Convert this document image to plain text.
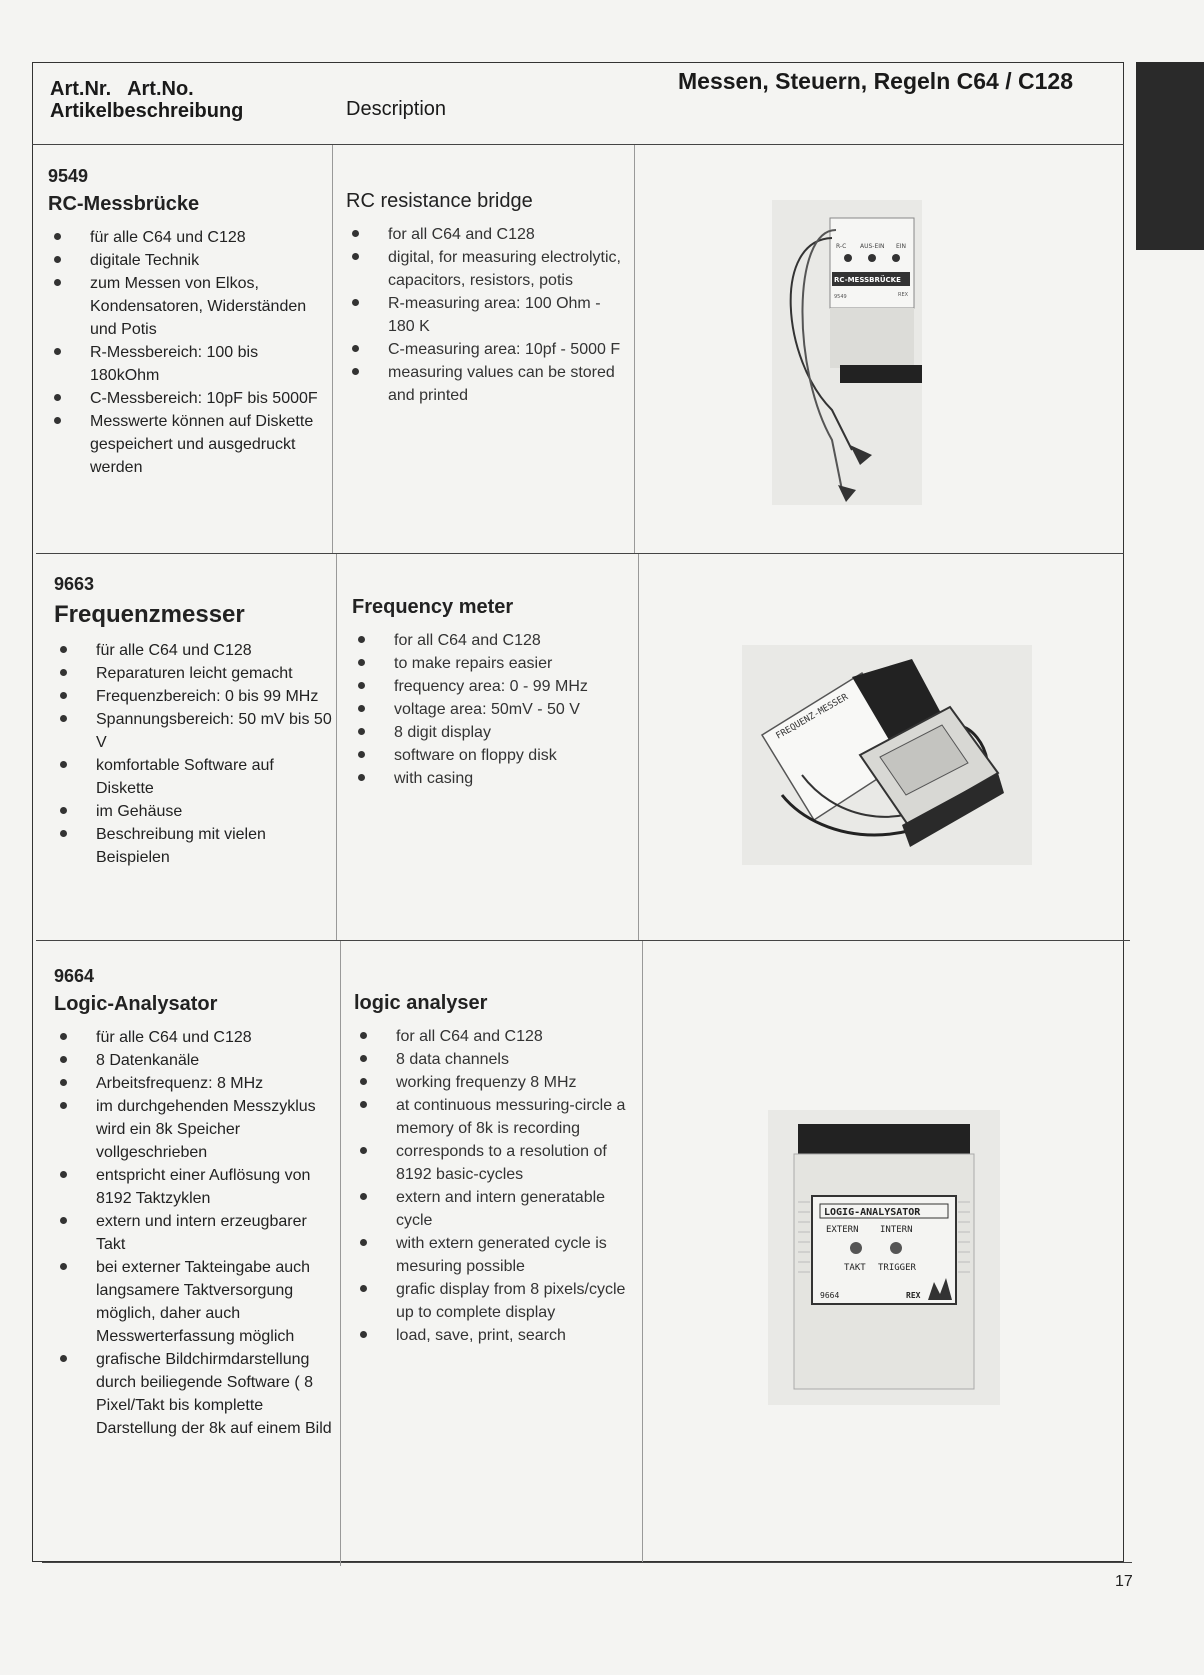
Art.Nr. Art.No.
Artikelbeschreibung	Description
Messen, Steuern, Regeln C64 / C128
9549
RC-Messbrücke
für alle C64 und C128
digitale Technik
zum Messen von Elkos, Kondensatoren, Widerständen und Potis
R-Messbereich: 100 bis 180kOhm
C-Messbereich: 10pF bis 5000F
Messwerte können auf Diskette gespeichert und ausgedruckt werden
RC resistance bridge
for all C64 and C128
digital, for measuring electrolytic, capacitors, resistors, potis
R-measuring area: 100 Ohm - 180 K
C-measuring area: 10pf - 5000 F
measuring values can be stored and printed
R-C AUS-EIN EIN
RC-MESSBRÜCKE
9549	REX
9663
Frequenzmesser
für alle C64 und C128
Reparaturen leicht gemacht
Frequenzbereich: 0 bis 99 MHz
Spannungsbereich: 50 mV bis 50 V
komfortable Software auf Diskette
im Gehäuse
Beschreibung mit vielen Beispielen
Frequency meter
for all C64 and C128
to make repairs easier
frequency area: 0 - 99 MHz
voltage area: 50mV - 50 V
8 digit display
software on floppy disk
with casing
FREQUENZ-MESSER
9664
Logic-Analysator
für alle C64 und C128
8 Datenkanäle
Arbeitsfrequenz: 8 MHz
im durchgehenden Messzyklus wird ein 8k Speicher vollgeschrieben
entspricht einer Auflösung von 8192 Taktzyklen
extern und intern erzeugbarer Takt
bei externer Takteingabe auch langsamere Taktversorgung möglich, daher auch Messwerterfassung möglich
grafische Bildchirmdarstellung durch beiliegende Software ( 8 Pixel/Takt bis komplette Darstellung der 8k auf einem Bild
logic analyser
for all C64 and C128
8 data channels
working frequenzy 8 MHz
at continuous messuring-circle a memory of 8k is recording
corresponds to a resolution of 8192 basic-cycles
extern and intern generatable cycle
with extern generated cycle is mesuring possible
grafic display from 8 pixels/cycle up to complete display
load, save, print, search
LOGIG-ANALYSATOR
EXTERN INTERN
TAKT TRIGGER
9664	REX
17
